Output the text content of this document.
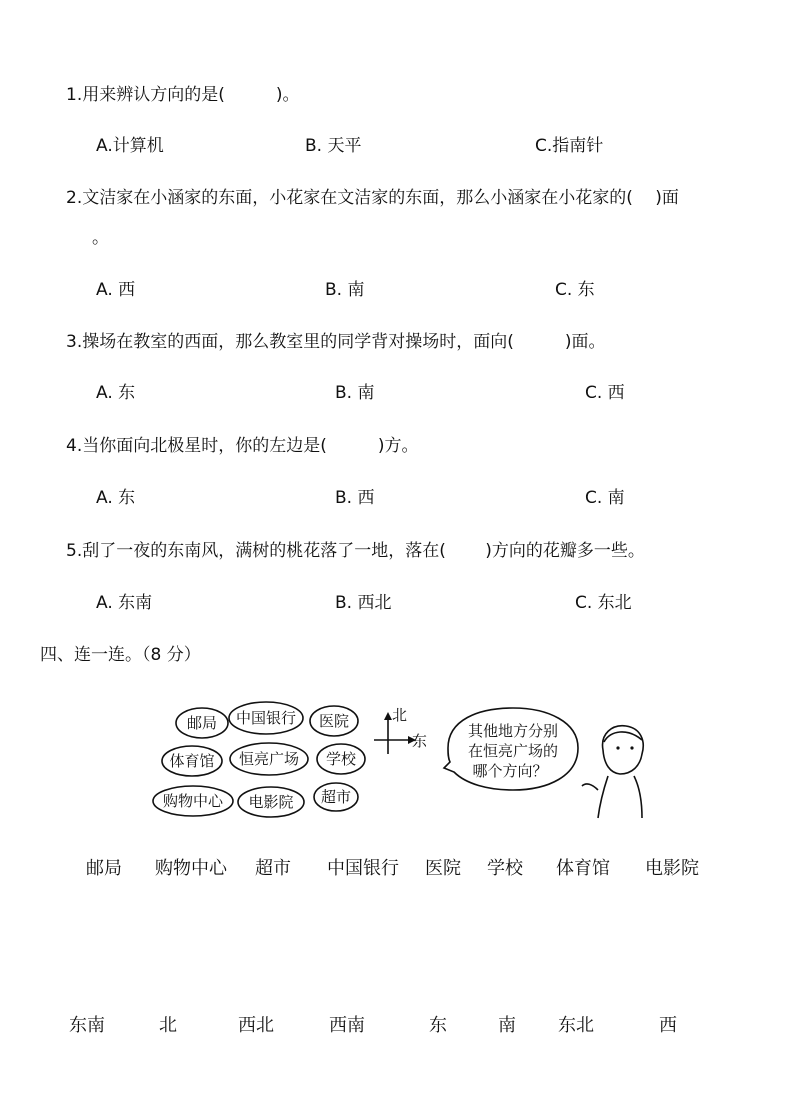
1.用来辨认方向的是(　　　)。
A.计算机	B. 天平	C.指南针
2.文洁家在小涵家的东面，小花家在文洁家的东面，那么小涵家在小花家的(　 )面
。
A. 西	B. 南	C. 东
3.操场在教室的西面，那么教室里的同学背对操场时，面向(　　　)面。
A. 东	B. 南	C. 西
4.当你面向北极星时，你的左边是(　　　)方。
A. 东	B. 西	C. 南
5.刮了一夜的东南风，满树的桃花落了一地，落在(　　 )方向的花瓣多一些。
A. 东南	B. 西北	C. 东北
四、连一连。（8 分）
邮局 中国银行 医院
体育馆 恒亮广场 学校
购物中心 电影院 超市
北
东
其他地方分别
在恒亮广场的
哪个方向？
邮局 购物中心 超市 中国银行 医院 学校 体育馆 电影院
东南	北	西北	西南	东	南 东北	西
